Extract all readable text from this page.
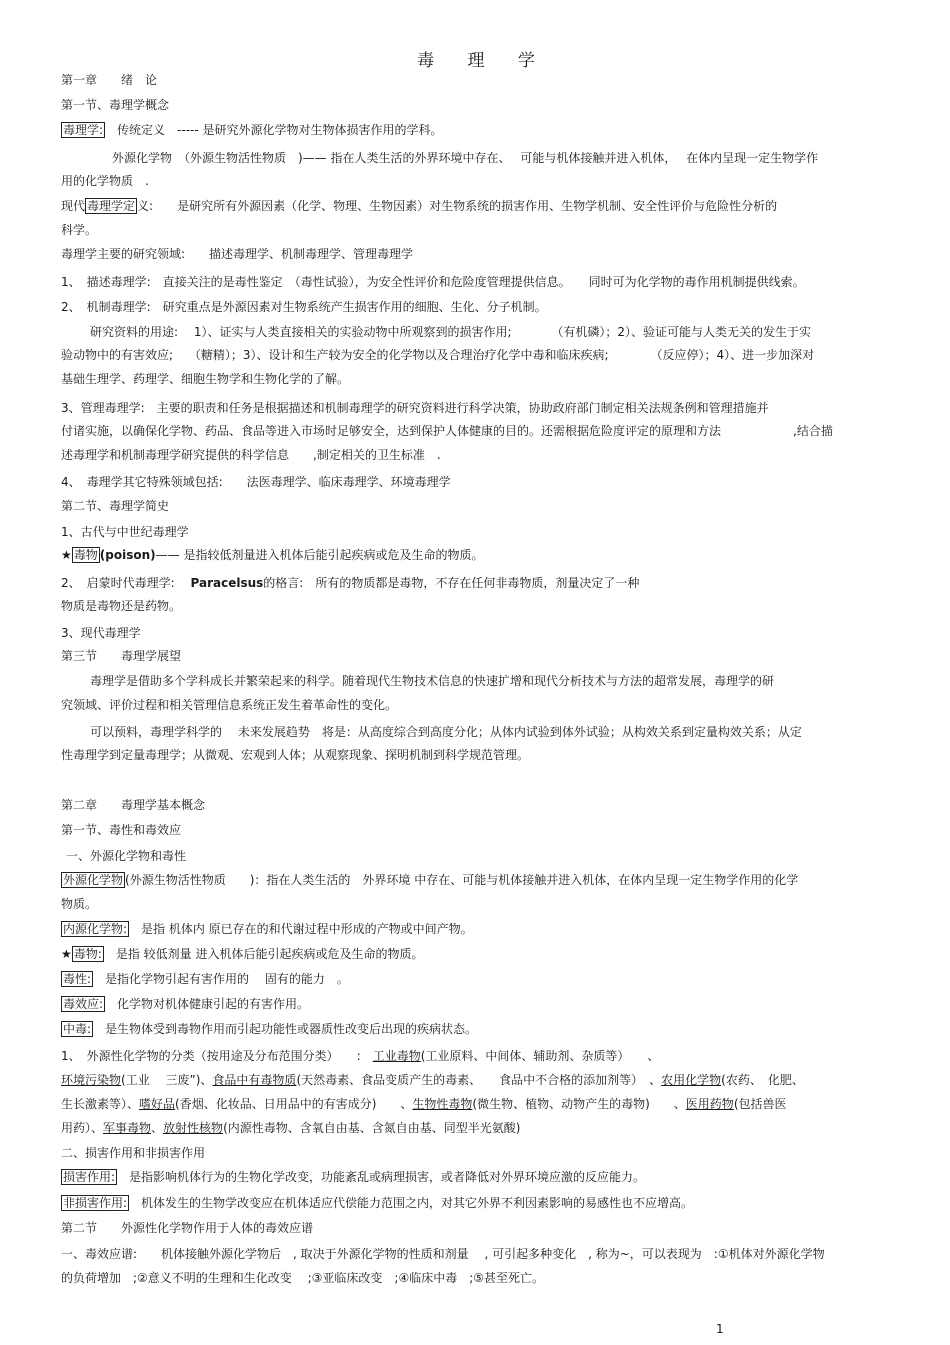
毒 理 学
第一章　　绪　论
第一节、毒理学概念
毒理学:　传统定义　----- 是研究外源化学物对生物体损害作用的学科。
外源化学物　（外源生物活性物质　)—— 指在人类生活的外界环境中存在、　 可能与机体接触并进入机体，　 在体内呈现一定生物学作
用的化学物质　.
现代 毒理学定 义:　　是研究所有外源因素（化学、物理、生物因素）对生物系统的损害作用、生物学机制、安全性评价与危险性分析的
科学。
毒理学主要的研究领域:　　描述毒理学、机制毒理学、管理毒理学
1、　描述毒理学:　直接关注的是毒性鉴定　（毒性试验），为安全性评价和危险度管理提供信息。　　同时可为化学物的毒作用机制提供线索。
2、　机制毒理学:　研究重点是外源因素对生物系统产生损害作用的细胞、生化、分子机制。
研究资料的用途:　 1）、证实与人类直接相关的实验动物中所观察到的损害作用;　　　 （有机磷）；2）、验证可能与人类无关的发生于实
验动物中的有害效应;　 （糖精）；3）、设计和生产较为安全的化学物以及合理治疗化学中毒和临床疾病;　　　　（反应停）；4）、进一步加深对
基础生理学、药理学、细胞生物学和生物化学的了解。
3、管理毒理学:　主要的职责和任务是根据描述和机制毒理学的研究资料进行科学决策，协助政府部门制定相关法规条例和管理措施并
付诸实施，以确保化学物、药品、食品等进入市场时足够安全，达到保护人体健康的目的。还需根据危险度评定的原理和方法　　　　　　,结合描
述毒理学和机制毒理学研究提供的科学信息　　,制定相关的卫生标准　.
4、　毒理学其它特殊领域包括:　　法医毒理学、临床毒理学、环境毒理学
第二节、毒理学简史
1、古代与中世纪毒理学
★ 毒物 (poison)—— 是指较低剂量进入机体后能引起疾病或危及生命的物质。
2、　启蒙时代毒理学:　 Paracelsus的格言:　所有的物质都是毒物，不存在任何非毒物质，剂量决定了一种
物质是毒物还是药物。
3、现代毒理学
第三节　　毒理学展望
毒理学是借助多个学科成长并繁荣起来的科学。随着现代生物技术信息的快速扩增和现代分析技术与方法的超常发展，毒理学的研
究领域、评价过程和相关管理信息系统正发生着革命性的变化。
可以预料，毒理学科学的　 未来发展趋势　将是：从高度综合到高度分化；从体内试验到体外试验；从构效关系到定量构效关系；从定
性毒理学到定量毒理学；从微观、宏观到人体；从观察现象、探明机制到科学规范管理。
第二章　　毒理学基本概念
第一节、毒性和毒效应
一、外源化学物和毒性
外源化学物 (外源生物活性物质　　)：指在人类生活的　外界环境 中存在、可能与机体接触并进入机体，在体内呈现一定生物学作用的化学
物质。
内源化学物:　是指 机体内 原已存在的和代谢过程中形成的产物或中间产物。
★ 毒物:　是指 较低剂量 进入机体后能引起疾病或危及生命的物质。
毒性:　是指化学物引起有害作用的　 固有的能力　。
毒效应:　化学物对机体健康引起的有害作用。
中毒:　是生物体受到毒物作用而引起功能性或器质性改变后出现的疾病状态。
1、　外源性化学物的分类（按用途及分布范围分类）　　:　工业毒物(工业原料、中间体、辅助剂、杂质等）　　、
环境污染物(工业　 三废”)、食品中有毒物质(天然毒素、食品变质产生的毒素、　　食品中不合格的添加剂等）　、农用化学物(农药、　化肥、
生长激素等）、嗜好品(香烟、化妆品、日用品中的有害成分)　　、生物性毒物(微生物、植物、动物产生的毒物)　　、医用药物(包括兽医
用药）、军事毒物、放射性核物(内源性毒物、含氧自由基、含氮自由基、同型半光氨酸)
二、损害作用和非损害作用
损害作用:　是指影响机体行为的生物化学改变，功能紊乱或病理损害，或者降低对外界环境应激的反应能力。
非损害作用:　机体发生的生物学改变应在机体适应代偿能力范围之内，对其它外界不利因素影响的易感性也不应增高。
第二节　　外源性化学物作用于人体的毒效应谱
一、毒效应谱:　　机体接触外源化学物后　, 取决于外源化学物的性质和剂量　 , 可引起多种变化　, 称为~，可以表现为　:①机体对外源化学物
的负荷增加　;②意义不明的生理和生化改变　 ;③亚临床改变　;④临床中毒　;⑤甚至死亡。
1
